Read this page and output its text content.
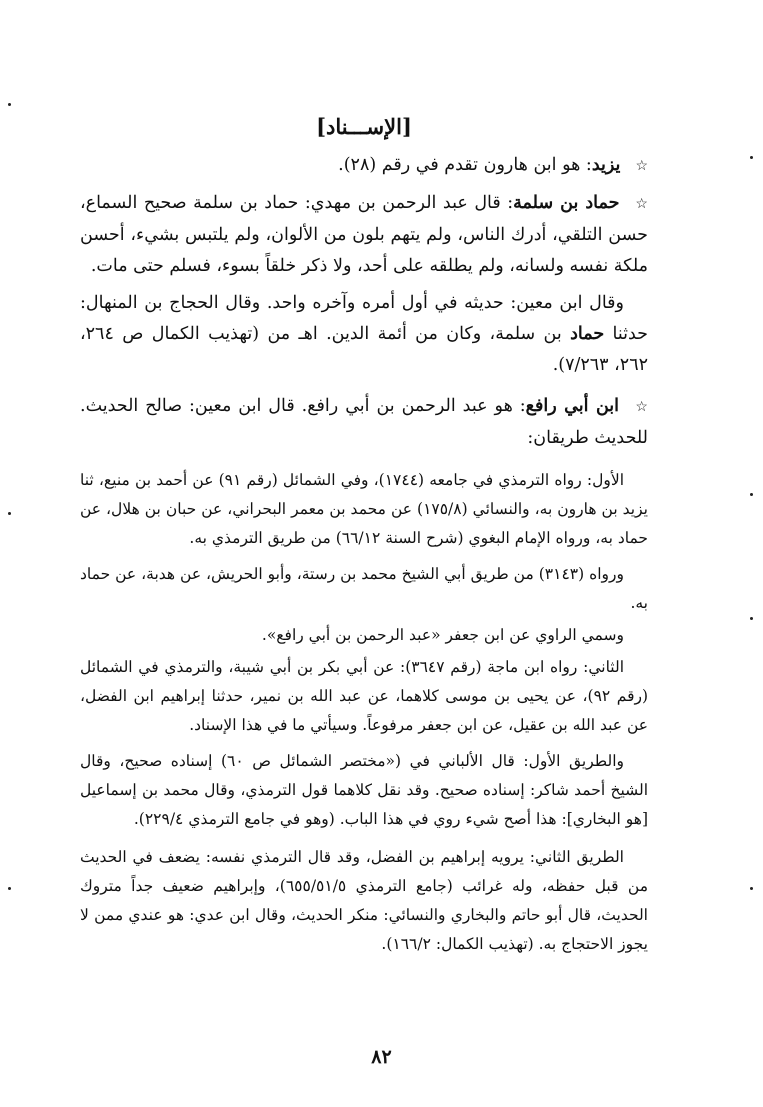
[الإســـناد]

☆ يزيد: هو ابن هارون تقدم في رقم (٢٨).

☆ حماد بن سلمة: قال عبد الرحمن بن مهدي: حماد بن سلمة صحيح السماع، حسن التلقي، أدرك الناس، ولم يتهم بلون من الألوان، ولم يلتبس بشيء، أحسن ملكة نفسه ولسانه، ولم يطلقه على أحد، ولا ذكر خلقاً بسوء، فسلم حتى مات.

وقال ابن معين: حديثه في أول أمره وآخره واحد. وقال الحجاج بن المنهال: حدثنا حماد بن سلمة، وكان من أئمة الدين. اهـ من (تهذيب الكمال ص ٢٦٤، ٢٦٢، ٧/٢٦٣).

☆ ابن أبي رافع: هو عبد الرحمن بن أبي رافع. قال ابن معين: صالح الحديث. للحديث طريقان:

الأول: رواه الترمذي في جامعه (١٧٤٤)، وفي الشمائل (رقم ٩١) عن أحمد بن منيع، ثنا يزيد بن هارون به، والنسائي (١٧٥/٨) عن محمد بن معمر البحراني، عن حبان بن هلال، عن حماد به، ورواه الإمام البغوي (شرح السنة ٦٦/١٢) من طريق الترمذي به.

ورواه (٣١٤٣) من طريق أبي الشيخ محمد بن رستة، وأبو الحريش، عن هدبة، عن حماد به.

وسمي الراوي عن ابن جعفر «عبد الرحمن بن أبي رافع».

الثاني: رواه ابن ماجة (رقم ٣٦٤٧): عن أبي بكر بن أبي شيبة، والترمذي في الشمائل (رقم ٩٢)، عن يحيى بن موسى كلاهما، عن عبد الله بن نمير، حدثنا إبراهيم ابن الفضل، عن عبد الله بن عقيل، عن ابن جعفر مرفوعاً. وسيأتي ما في هذا الإسناد.

والطريق الأول: قال الألباني في («مختصر الشمائل ص ٦٠) إسناده صحيح، وقال الشيخ أحمد شاكر: إسناده صحيح. وقد نقل كلاهما قول الترمذي، وقال محمد بن إسماعيل [هو البخاري]: هذا أصح شيء روي في هذا الباب. (وهو في جامع الترمذي ٢٢٩/٤).

الطريق الثاني: يرويه إبراهيم بن الفضل، وقد قال الترمذي نفسه: يضعف في الحديث من قبل حفظه، وله غرائب (جامع الترمذي ٦٥٥/٥١/٥)، وإبراهيم ضعيف جداً متروك الحديث، قال أبو حاتم والبخاري والنسائي: منكر الحديث، وقال ابن عدي: هو عندي ممن لا يجوز الاحتجاج به. (تهذيب الكمال: ١٦٦/٢).

٨٢
